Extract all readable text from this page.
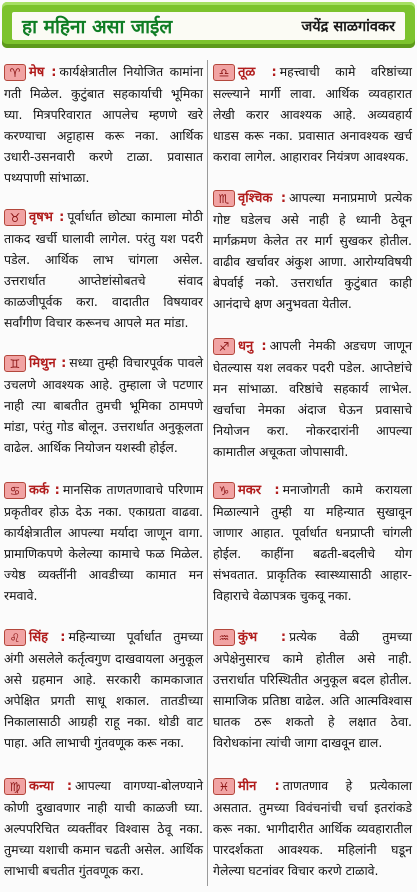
हा महिना असा जाईल	जयेंद्र साळगांवकर

♈ मेष : कार्यक्षेत्रातील नियोजित कामांना गती मिळेल. कुटुंबात सहकार्याची भूमिका घ्या. मित्रपरिवारात आपलेच म्हणणे खरे करण्याचा अट्टाहास करू नका. आर्थिक उधारी-उसनवारी करणे टाळा. प्रवासात पथ्यपाणी सांभाळा.

♉ वृषभ : पूर्वार्धात छोट्या कामाला मोठी ताकद खर्ची घालावी लागेल. परंतु यश पदरी पडेल. आर्थिक लाभ चांगला असेल. उत्तरार्धात आप्तेष्टांसोबतचे संवाद काळजीपूर्वक करा. वादातीत विषयावर सर्वांगीण विचार करूनच आपले मत मांडा.

♊ मिथुन : सध्या तुम्ही विचारपूर्वक पावले उचलणे आवश्यक आहे. तुम्हाला जे पटणार नाही त्या बाबतीत तुमची भूमिका ठामपणे मांडा, परंतु गोड बोलून. उत्तरार्धात अनुकूलता वाढेल. आर्थिक नियोजन यशस्वी होईल.

♋ कर्क : मानसिक ताणतणावाचे परिणाम प्रकृतीवर होऊ देऊ नका. एकाग्रता वाढवा. कार्यक्षेत्रातील आपल्या मर्यादा जाणून वागा. प्रामाणिकपणे केलेल्या कामाचे फळ मिळेल. ज्येष्ठ व्यक्तींनी आवडीच्या कामात मन रमवावे.

♌ सिंह : महिन्याच्या पूर्वार्धात तुमच्या अंगी असलेले कर्तृत्वगुण दाखवायला अनुकूल असे ग्रहमान आहे. सरकारी कामकाजात अपेक्षित प्रगती साधू शकाल. तातडीच्या निकालासाठी आग्रही राहू नका. थोडी वाट पाहा. अति लाभाची गुंतवणूक करू नका.

♍ कन्या : आपल्या वागण्या-बोलण्याने कोणी दुखावणार नाही याची काळजी घ्या. अल्पपरिचित व्यक्तींवर विश्वास ठेवू नका. तुमच्या यशाची कमान चढती असेल. आर्थिक लाभाची बचतीत गुंतवणूक करा.

♎ तूळ : महत्त्वाची कामे वरिष्ठांच्या सल्ल्याने मार्गी लावा. आर्थिक व्यवहारात लेखी करार आवश्यक आहे. अव्यवहार्य धाडस करू नका. प्रवासात अनावश्यक खर्च करावा लागेल. आहारावर नियंत्रण आवश्यक.

♏ वृश्चिक : आपल्या मनाप्रमाणे प्रत्येक गोष्ट घडेलच असे नाही हे ध्यानी ठेवून मार्गक्रमण केलेत तर मार्ग सुखकर होतील. वाढीव खर्चावर अंकुश आणा. आरोग्यविषयी बेपर्वाई नको. उत्तरार्धात कुटुंबात काही आनंदाचे क्षण अनुभवता येतील.

♐ धनु : आपली नेमकी अडचण जाणून घेतल्यास यश लवकर पदरी पडेल. आप्तेष्टांचे मन सांभाळा. वरिष्ठांचे सहकार्य लाभेल. खर्चाचा नेमका अंदाज घेऊन प्रवासाचे नियोजन करा. नोकरदारांनी आपल्या कामातील अचूकता जोपासावी.

♑ मकर : मनाजोगती कामे करायला मिळाल्याने तुम्ही या महिन्यात सुखावून जाणार आहात. पूर्वार्धात धनप्राप्ती चांगली होईल. काहींना बढती-बदलीचे योग संभवतात. प्राकृतिक स्वास्थ्यासाठी आहार-विहाराचे वेळापत्रक चुकवू नका.

♒ कुंभ : प्रत्येक वेळी तुमच्या अपेक्षेनुसारच कामे होतील असे नाही. उत्तरार्धात परिस्थितीत अनुकूल बदल होतील. सामाजिक प्रतिष्ठा वाढेल. अति आत्मविश्वास घातक ठरू शकतो हे लक्षात ठेवा. विरोधकांना त्यांची जागा दाखवून द्याल.

♓ मीन : ताणतणाव हे प्रत्येकाला असतात. तुमच्या विवंचनांची चर्चा इतरांकडे करू नका. भागीदारीत आर्थिक व्यवहारातील पारदर्शकता आवश्यक. महिलांनी घडून गेलेल्या घटनांवर विचार करणे टाळावे.
